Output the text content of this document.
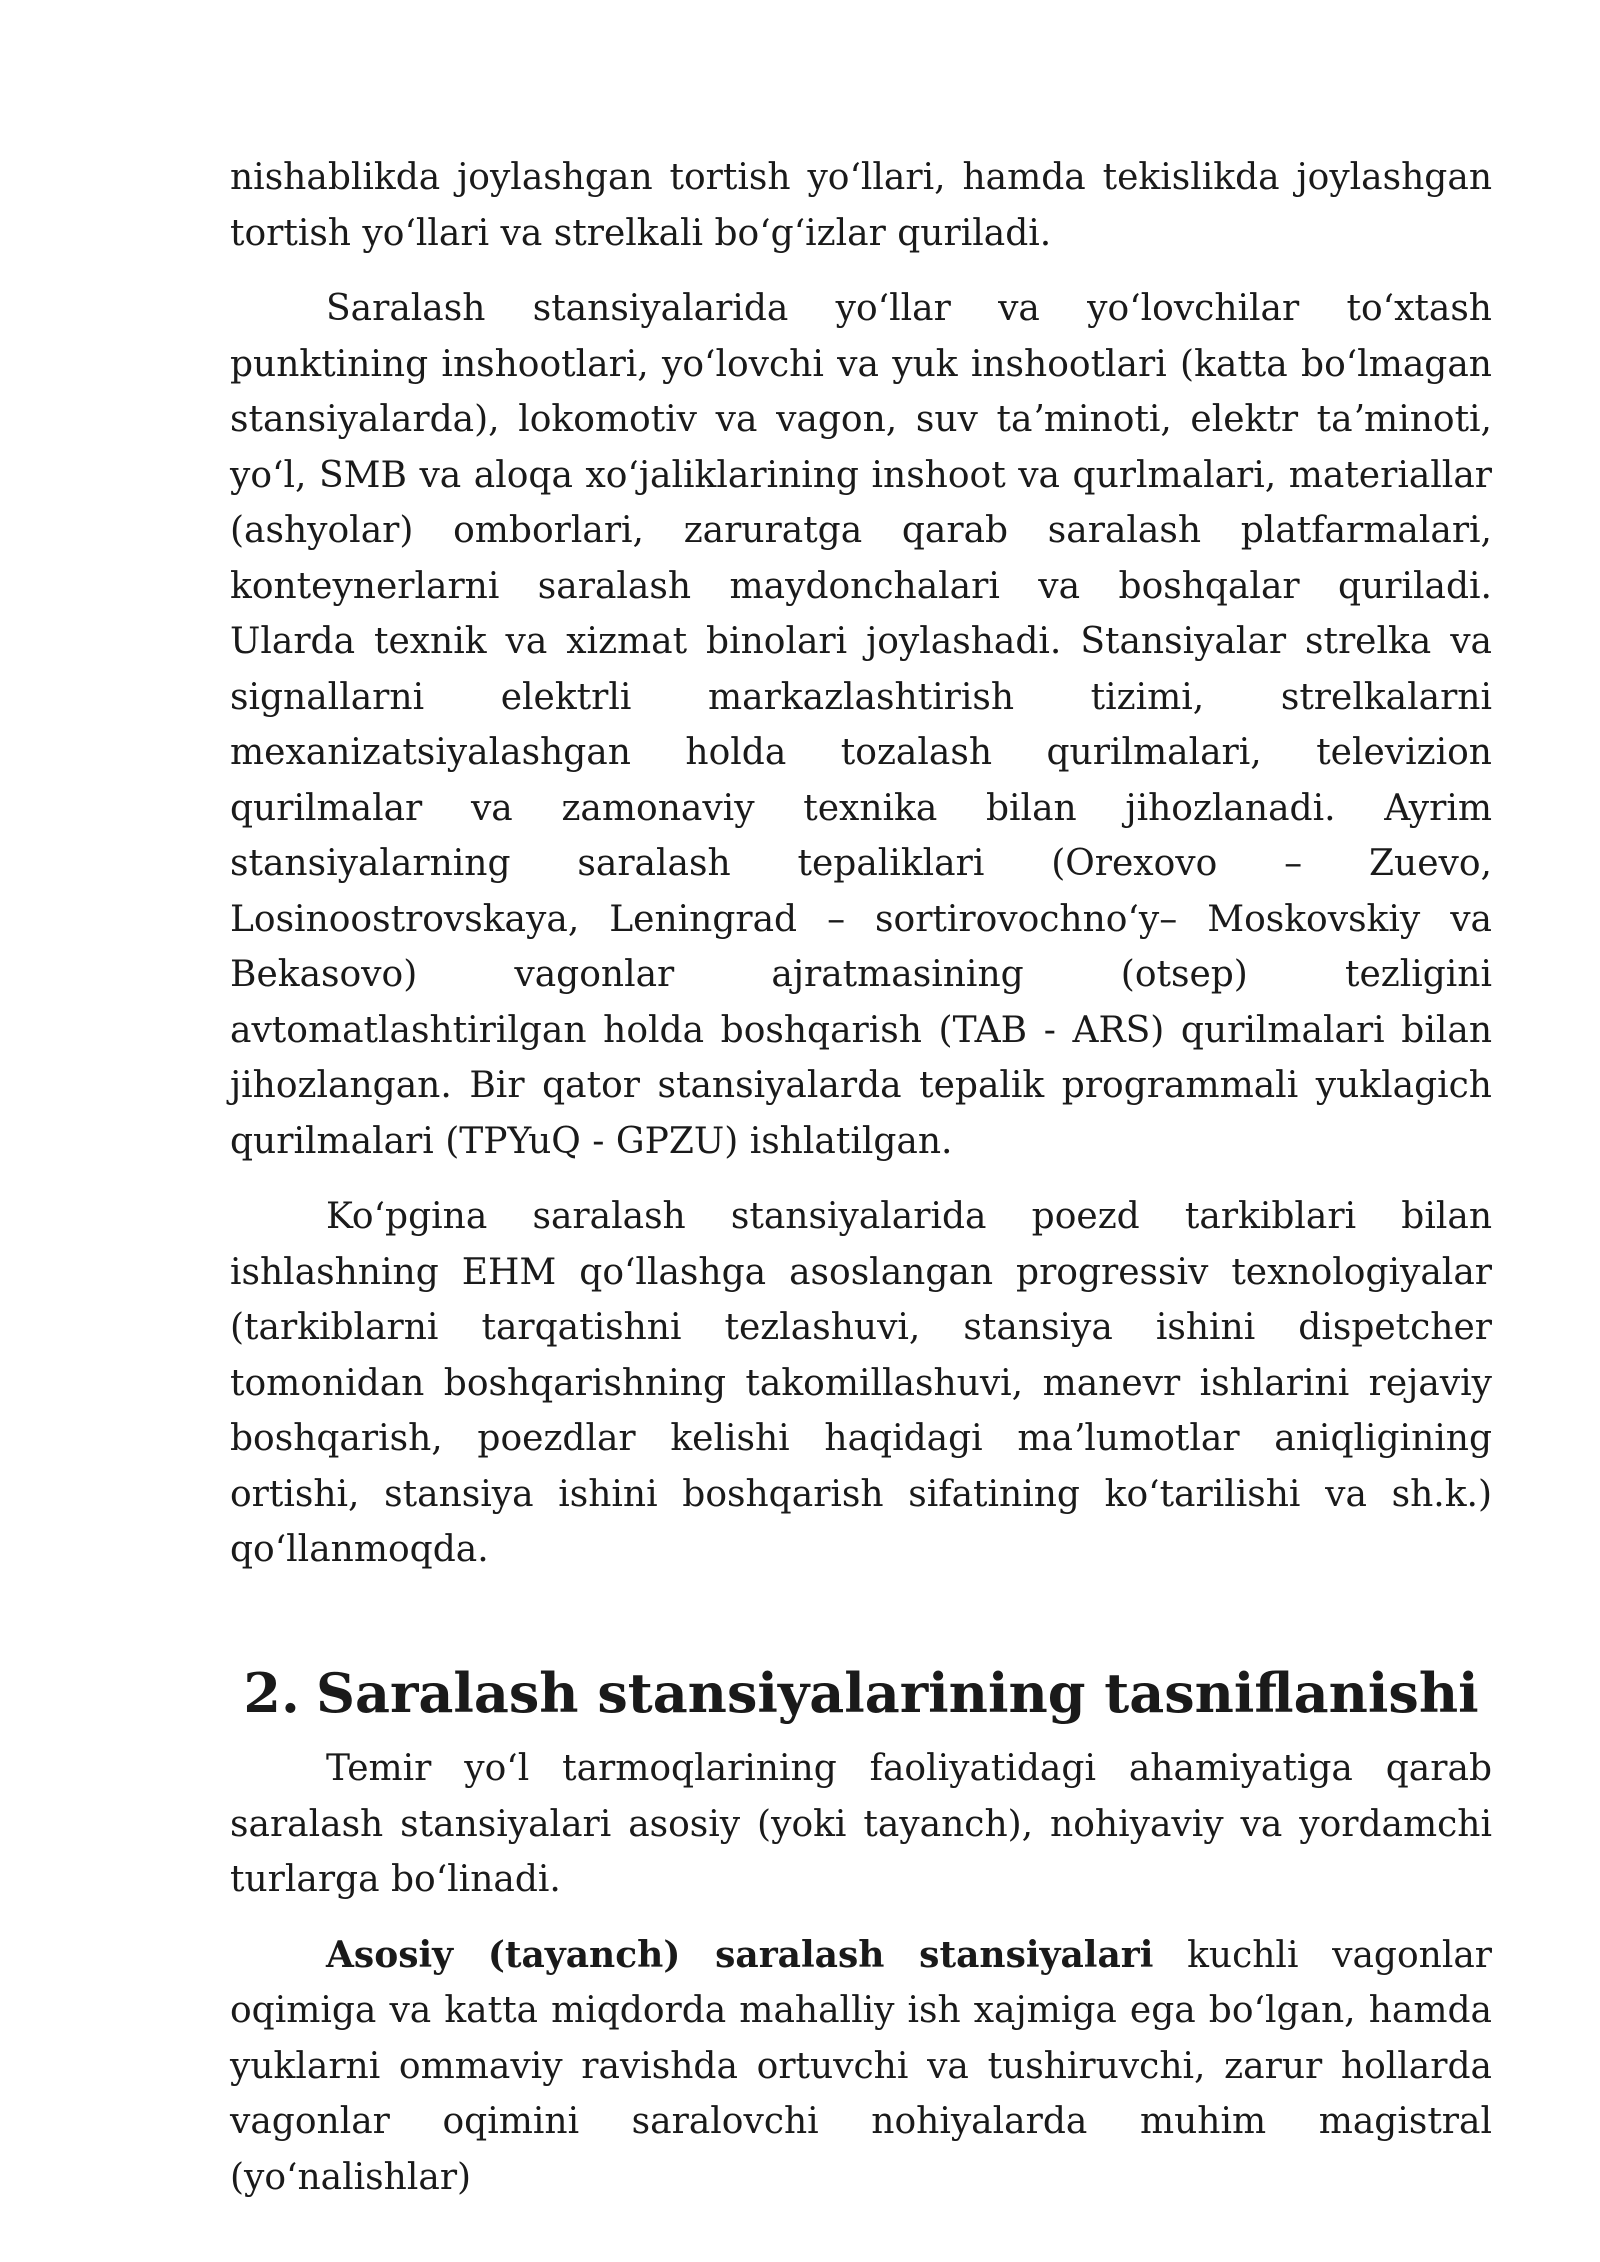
nishablikda joylashgan tortish yoʻllari, hamda tekislikda joylashgan tortish yoʻllari va strelkali boʻgʻizlar quriladi.

Saralash stansiyalarida yoʻllar va yoʻlovchilar toʻxtash punktining inshootlari, yoʻlovchi va yuk inshootlari (katta boʻlmagan stansiyalarda), lokomotiv va vagon, suv taʼminoti, elektr taʼminoti, yoʻl, SMB va aloqa xoʻjaliklarining inshoot va qurlmalari, materiallar (ashyolar) omborlari, zaruratga qarab saralash platfarmalari, konteynerlarni saralash maydonchalari va boshqalar quriladi. Ularda texnik va xizmat binolari joylashadi. Stansiyalar strelka va signallarni elektrli markazlashtirish tizimi, strelkalarni mexanizatsiyalashgan holda tozalash qurilmalari, televizion qurilmalar va zamonaviy texnika bilan jihozlanadi. Ayrim stansiyalarning saralash tepaliklari (Orexovo – Zuevo, Losinoostrovskaya, Leningrad – sortirovochnoʻy– Moskovskiy va Bekasovo) vagonlar ajratmasining (otsep) tezligini avtomatlashtirilgan holda boshqarish (TAB - ARS) qurilmalari bilan jihozlangan. Bir qator stansiyalarda tepalik programmali yuklagich qurilmalari (TPYuQ - GPZU) ishlatilgan.

Koʻpgina saralash stansiyalarida poezd tarkiblari bilan ishlashning EHM qoʻllashga asoslangan progressiv texnologiyalar (tarkiblarni tarqatishni tezlashuvi, stansiya ishini dispetcher tomonidan boshqarishning takomillashuvi, manevr ishlarini rejaviy boshqarish, poezdlar kelishi haqidagi maʼlumotlar aniqligining ortishi, stansiya ishini boshqarish sifatining koʻtarilishi va sh.k.) qoʻllanmoqda.

2. Saralash stansiyalarining tasniflanishi

Temir yoʻl tarmoqlarining faoliyatidagi ahamiyatiga qarab saralash stansiyalari asosiy (yoki tayanch), nohiyaviy va yordamchi turlarga boʻlinadi.

Asosiy (tayanch) saralash stansiyalari kuchli vagonlar oqimiga va katta miqdorda mahalliy ish xajmiga ega boʻlgan, hamda yuklarni ommaviy ravishda ortuvchi va tushiruvchi, zarur hollarda vagonlar oqimini saralovchi nohiyalarda muhim magistral (yoʻnalishlar)
